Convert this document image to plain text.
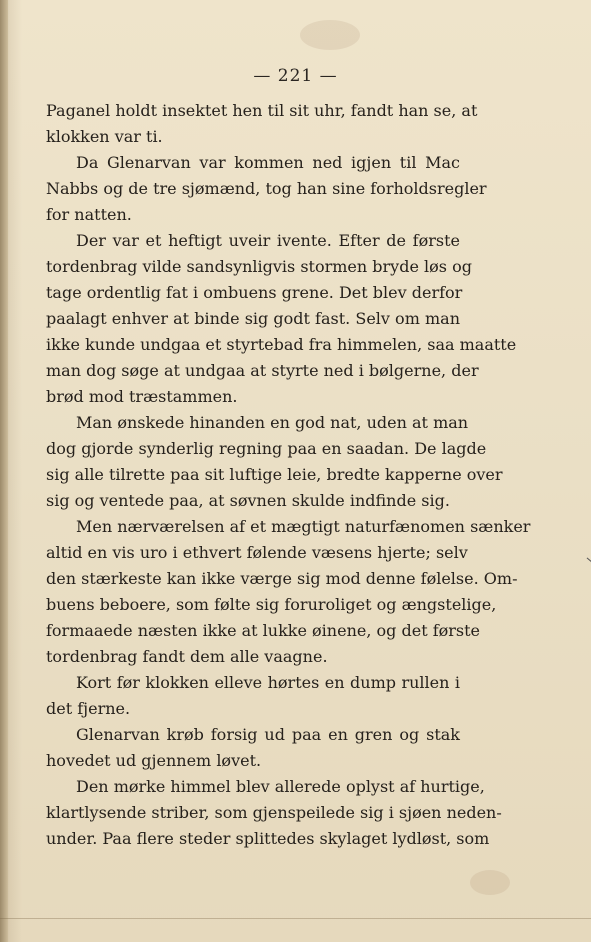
— 221 —
Paganel holdt insektet hen til sit uhr, fandt han se, at
klokken var ti.
Da Glenarvan var kommen ned igjen til Mac
Nabbs og de tre sjømænd, tog han sine forholdsregler
for natten.
Der var et heftigt uveir ivente. Efter de første
tordenbrag vilde sandsynligvis stormen bryde løs og
tage ordentlig fat i ombuens grene. Det blev derfor
paalagt enhver at binde sig godt fast. Selv om man
ikke kunde undgaa et styrtebad fra himmelen, saa maatte
man dog søge at undgaa at styrte ned i bølgerne, der
brød mod træstammen.
Man ønskede hinanden en god nat, uden at man
dog gjorde synderlig regning paa en saadan. De lagde
sig alle tilrette paa sit luftige leie, bredte kapperne over
sig og ventede paa, at søvnen skulde indfinde sig.
Men nærværelsen af et mægtigt naturfænomen sænker
altid en vis uro i ethvert følende væsens hjerte; selv
den stærkeste kan ikke værge sig mod denne følelse. Om-
buens beboere, som følte sig foruroliget og ængstelige,
formaaede næsten ikke at lukke øinene, og det første
tordenbrag fandt dem alle vaagne.
Kort før klokken elleve hørtes en dump rullen i
det fjerne.
Glenarvan krøb forsig ud paa en gren og stak
hovedet ud gjennem løvet.
Den mørke himmel blev allerede oplyst af hurtige,
klartlysende striber, som gjenspeilede sig i sjøen neden-
under. Paa flere steder splittedes skylaget lydløst, som
